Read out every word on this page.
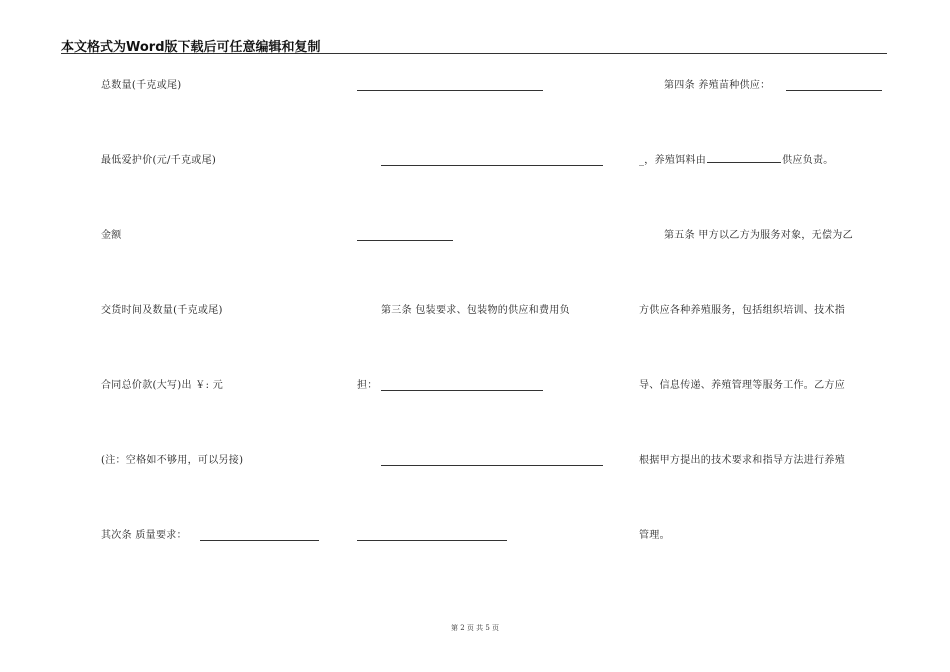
本文格式为Word版下载后可任意编辑和复制
总数量(千克或尾)
最低爱护价(元/千克或尾)
金额
交货时间及数量(千克或尾)
合同总价款(大写)出 ￥: 元
(注：空格如不够用，可以另接)
其次条 质量要求：
第三条 包装要求、包装物的供应和费用负
担：
第四条 养殖苗种供应：
_，养殖饵料由	供应负责。
第五条 甲方以乙方为服务对象，无偿为乙
方供应各种养殖服务，包括组织培训、技术指
导、信息传递、养殖管理等服务工作。乙方应
根据甲方提出的技术要求和指导方法进行养殖
管理。
第 2 页 共 5 页
